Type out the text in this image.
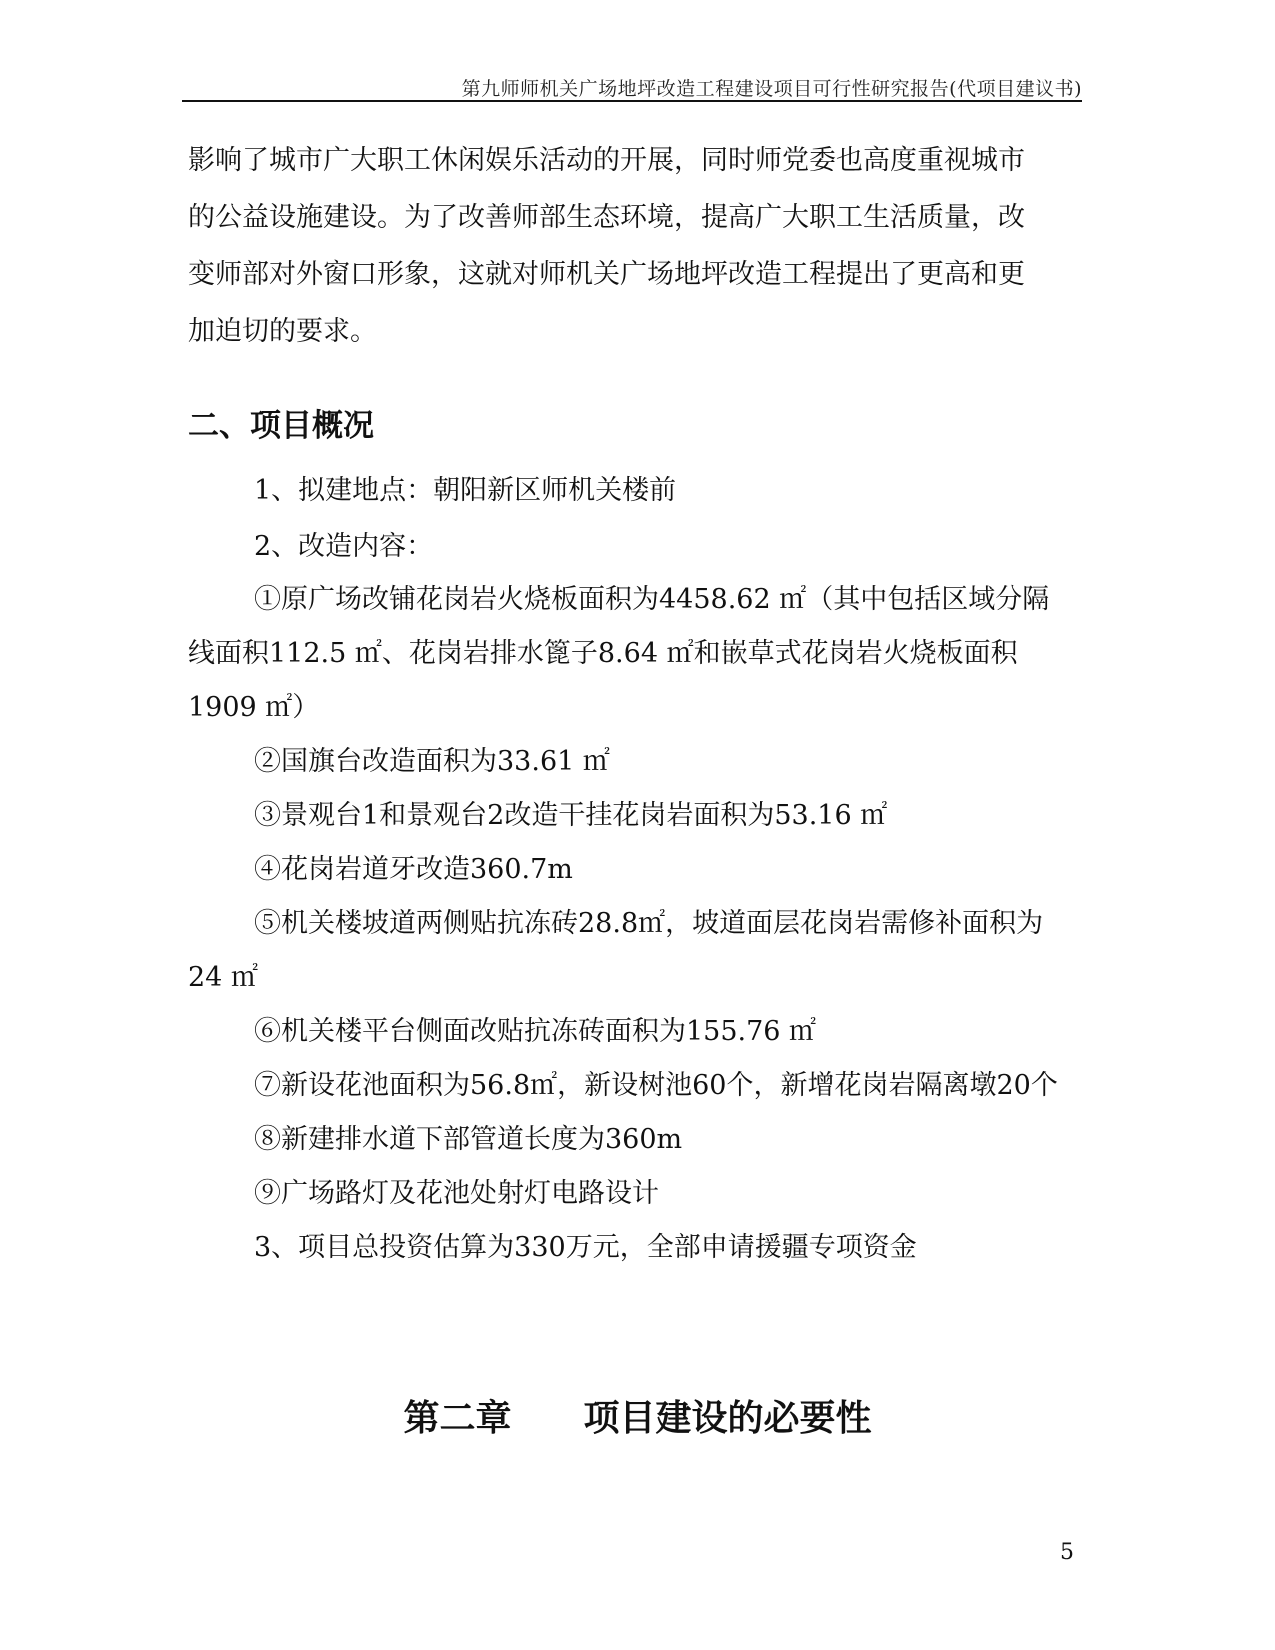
第九师师机关广场地坪改造工程建设项目可行性研究报告(代项目建议书)
影响了城市广大职工休闲娱乐活动的开展，同时师党委也高度重视城市
的公益设施建设。为了改善师部生态环境，提高广大职工生活质量，改
变师部对外窗口形象，这就对师机关广场地坪改造工程提出了更高和更
加迫切的要求。
二、项目概况

1、拟建地点：朝阳新区师机关楼前

2、改造内容：

①原广场改铺花岗岩火烧板面积为4458.62 ㎡（其中包括区域分隔

线面积112.5 ㎡、花岗岩排水篦子8.64 ㎡和嵌草式花岗岩火烧板面积

1909 ㎡）

②国旗台改造面积为33.61 ㎡

③景观台1和景观台2改造干挂花岗岩面积为53.16 ㎡

④花岗岩道牙改造360.7m

⑤机关楼坡道两侧贴抗冻砖28.8㎡，坡道面层花岗岩需修补面积为

24 ㎡

⑥机关楼平台侧面改贴抗冻砖面积为155.76 ㎡

⑦新设花池面积为56.8㎡，新设树池60个，新增花岗岩隔离墩20个

⑧新建排水道下部管道长度为360m

⑨广场路灯及花池处射灯电路设计

3、项目总投资估算为330万元，全部申请援疆专项资金

第二章　　项目建设的必要性
5
